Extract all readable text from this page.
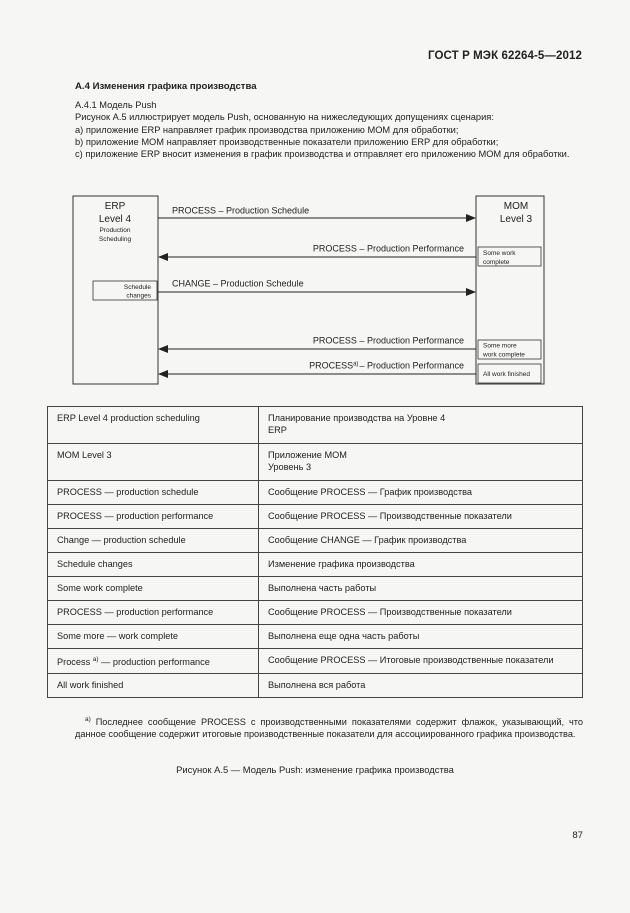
ГОСТ Р МЭК 62264-5—2012
А.4 Изменения графика производства

А.4.1 Модель Push

Рисунок А.5 иллюстрирует модель Push, основанную на нижеследующих допущениях сценария:

а) приложение ERP направляет график производства приложению MOM для обработки;

b) приложение MOM направляет производственные показатели приложению ERP для обработки;

c) приложение ERP вносит изменения в график производства и отправляет его приложению MOM для обработки.

ERP
Level 4
Production
Scheduling
Schedule
changes
MOM
Level 3
Some work
complete
Some more
work complete
All work finished
PROCESS – Production Schedule
PROCESS – Production Performance
CHANGE – Production Schedule
PROCESS – Production Performance
PROCESS$^{a)}$– Production Performance
ERP Level 4 production scheduling	Планирование производства на Уровне 4
ERP
MOM Level 3	Приложение MOM
Уровень 3
PROCESS — production schedule	Сообщение PROCESS — График производства
PROCESS — production performance	Сообщение PROCESS — Производственные показатели
Change — production schedule	Сообщение CHANGE — График производства
Schedule changes	Изменение графика производства
Some work complete	Выполнена часть работы
PROCESS — production performance	Сообщение PROCESS — Производственные показатели
Some more — work complete	Выполнена еще одна часть работы
Process $^{a)}$ — production performance	Сообщение PROCESS — Итоговые производственные показатели
All work finished	Выполнена вся работа
$^{a)}$ Последнее сообщение PROCESS с производственными показателями содержит флажок, указывающий, что данное сообщение содержит итоговые производственные показатели для ассоциированного графика производства.
Рисунок А.5 — Модель Push: изменение графика производства
87
